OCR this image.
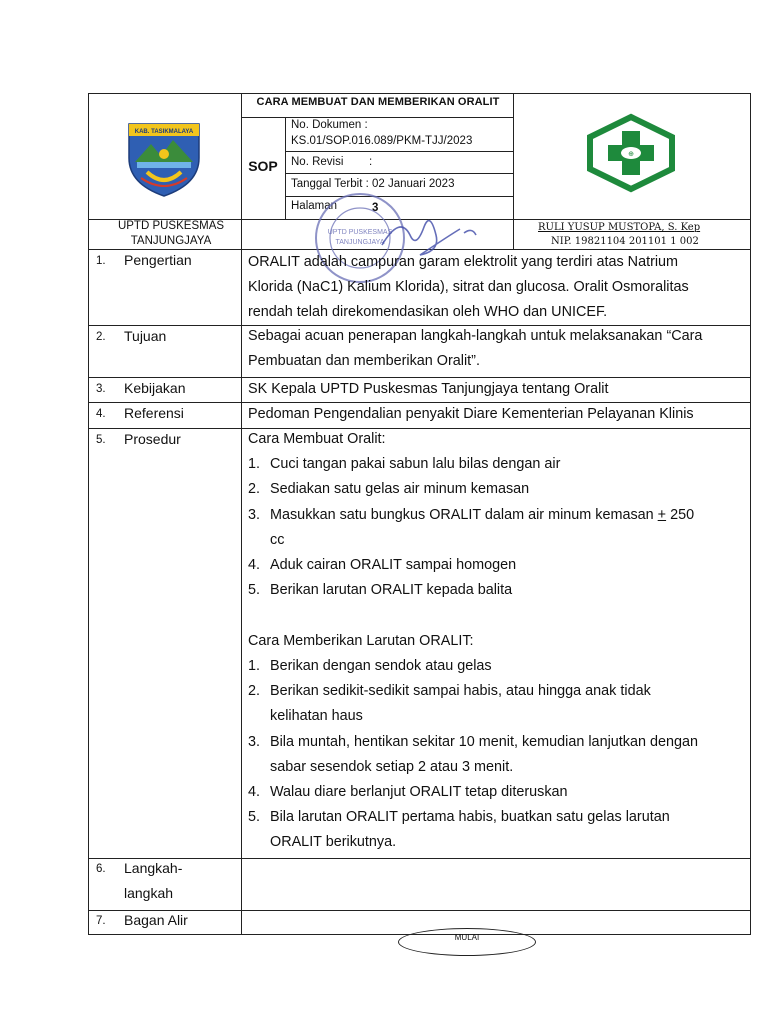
KAB. TASIKMALAYA
⊕
CARA MEMBUAT DAN MEMBERIKAN ORALIT
SOP
No. Dokumen :
KS.01/SOP.016.089/PKM-TJJ/2023
No. Revisi        :
Tanggal Terbit : 02 Januari 2023
Halaman	3
UPTD PUSKESMAS
TANJUNGJAYA
RULI YUSUP MUSTOPA, S. Kep
NIP. 19821104 201101 1 002
UPTD PUSKESMAS
TANJUNGJAYA
1. Pengertian	ORALIT adalah campuran garam elektrolit yang terdiri atas Natrium
Klorida (NaC1) Kalium Klorida), sitrat dan glucosa. Oralit Osmoralitas
rendah telah direkomendasikan oleh WHO dan UNICEF.
2. Tujuan	Sebagai acuan penerapan langkah-langkah untuk melaksanakan “Cara
Pembuatan dan memberikan Oralit”.
3. Kebijakan	SK Kepala UPTD Puskesmas Tanjungjaya tentang Oralit
4. Referensi	Pedoman Pengendalian penyakit Diare Kementerian Pelayanan Klinis
5. Prosedur	Cara Membuat Oralit:
1. Cuci tangan pakai sabun lalu bilas dengan air
2. Sediakan satu gelas air minum kemasan
3. Masukkan satu bungkus ORALIT dalam air minum kemasan + 250
cc
4. Aduk cairan ORALIT sampai homogen
5. Berikan larutan ORALIT kepada balita
Cara Memberikan Larutan ORALIT:
1. Berikan dengan sendok atau gelas
2. Berikan sedikit-sedikit sampai habis, atau hingga anak tidak
kelihatan haus
3. Bila muntah, hentikan sekitar 10 menit, kemudian lanjutkan dengan
sabar sesendok setiap 2 atau 3 menit.
4. Walau diare berlanjut ORALIT tetap diteruskan
5. Bila larutan ORALIT pertama habis, buatkan satu gelas larutan
ORALIT berikutnya.
6. Langkah-
langkah
7. Bagan Alir
MULAI
